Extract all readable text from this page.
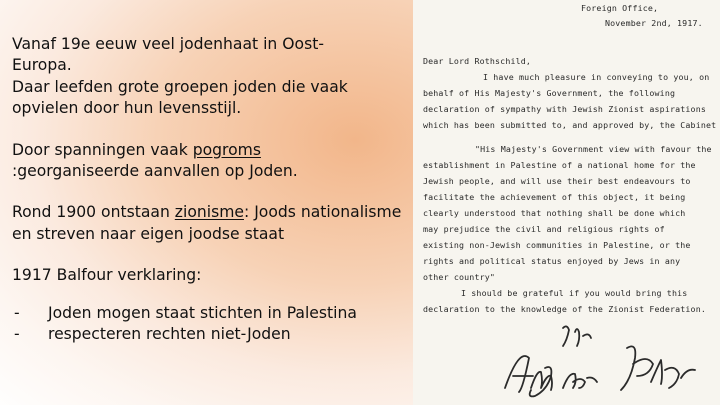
Vanaf 19e eeuw veel jodenhaat in Oost-
Europa.
Daar leefden grote groepen joden die vaak
opvielen door hun levensstijl.

Door spanningen vaak pogroms
:georganiseerde aanvallen op Joden.

Rond 1900 ontstaan zionisme: Joods nationalisme en streven naar eigen joodse staat

1917 Balfour verklaring:

-	Joden mogen staat stichten in Palestina
-	respecteren rechten niet-Joden
Foreign Office,
November 2nd, 1917.
Dear Lord Rothschild,
I have much pleasure in conveying to you, on
behalf of His Majesty's Government, the following
declaration of sympathy with Jewish Zionist aspirations
which has been submitted to, and approved by, the Cabinet
"His Majesty's Government view with favour the
establishment in Palestine of a national home for the
Jewish people, and will use their best endeavours to
facilitate the achievement of this object, it being
clearly understood that nothing shall be done which
may prejudice the civil and religious rights of
existing non-Jewish communities in Palestine, or the
rights and political status enjoyed by Jews in any
other country"
I should be grateful if you would bring this
declaration to the knowledge of the Zionist Federation.
